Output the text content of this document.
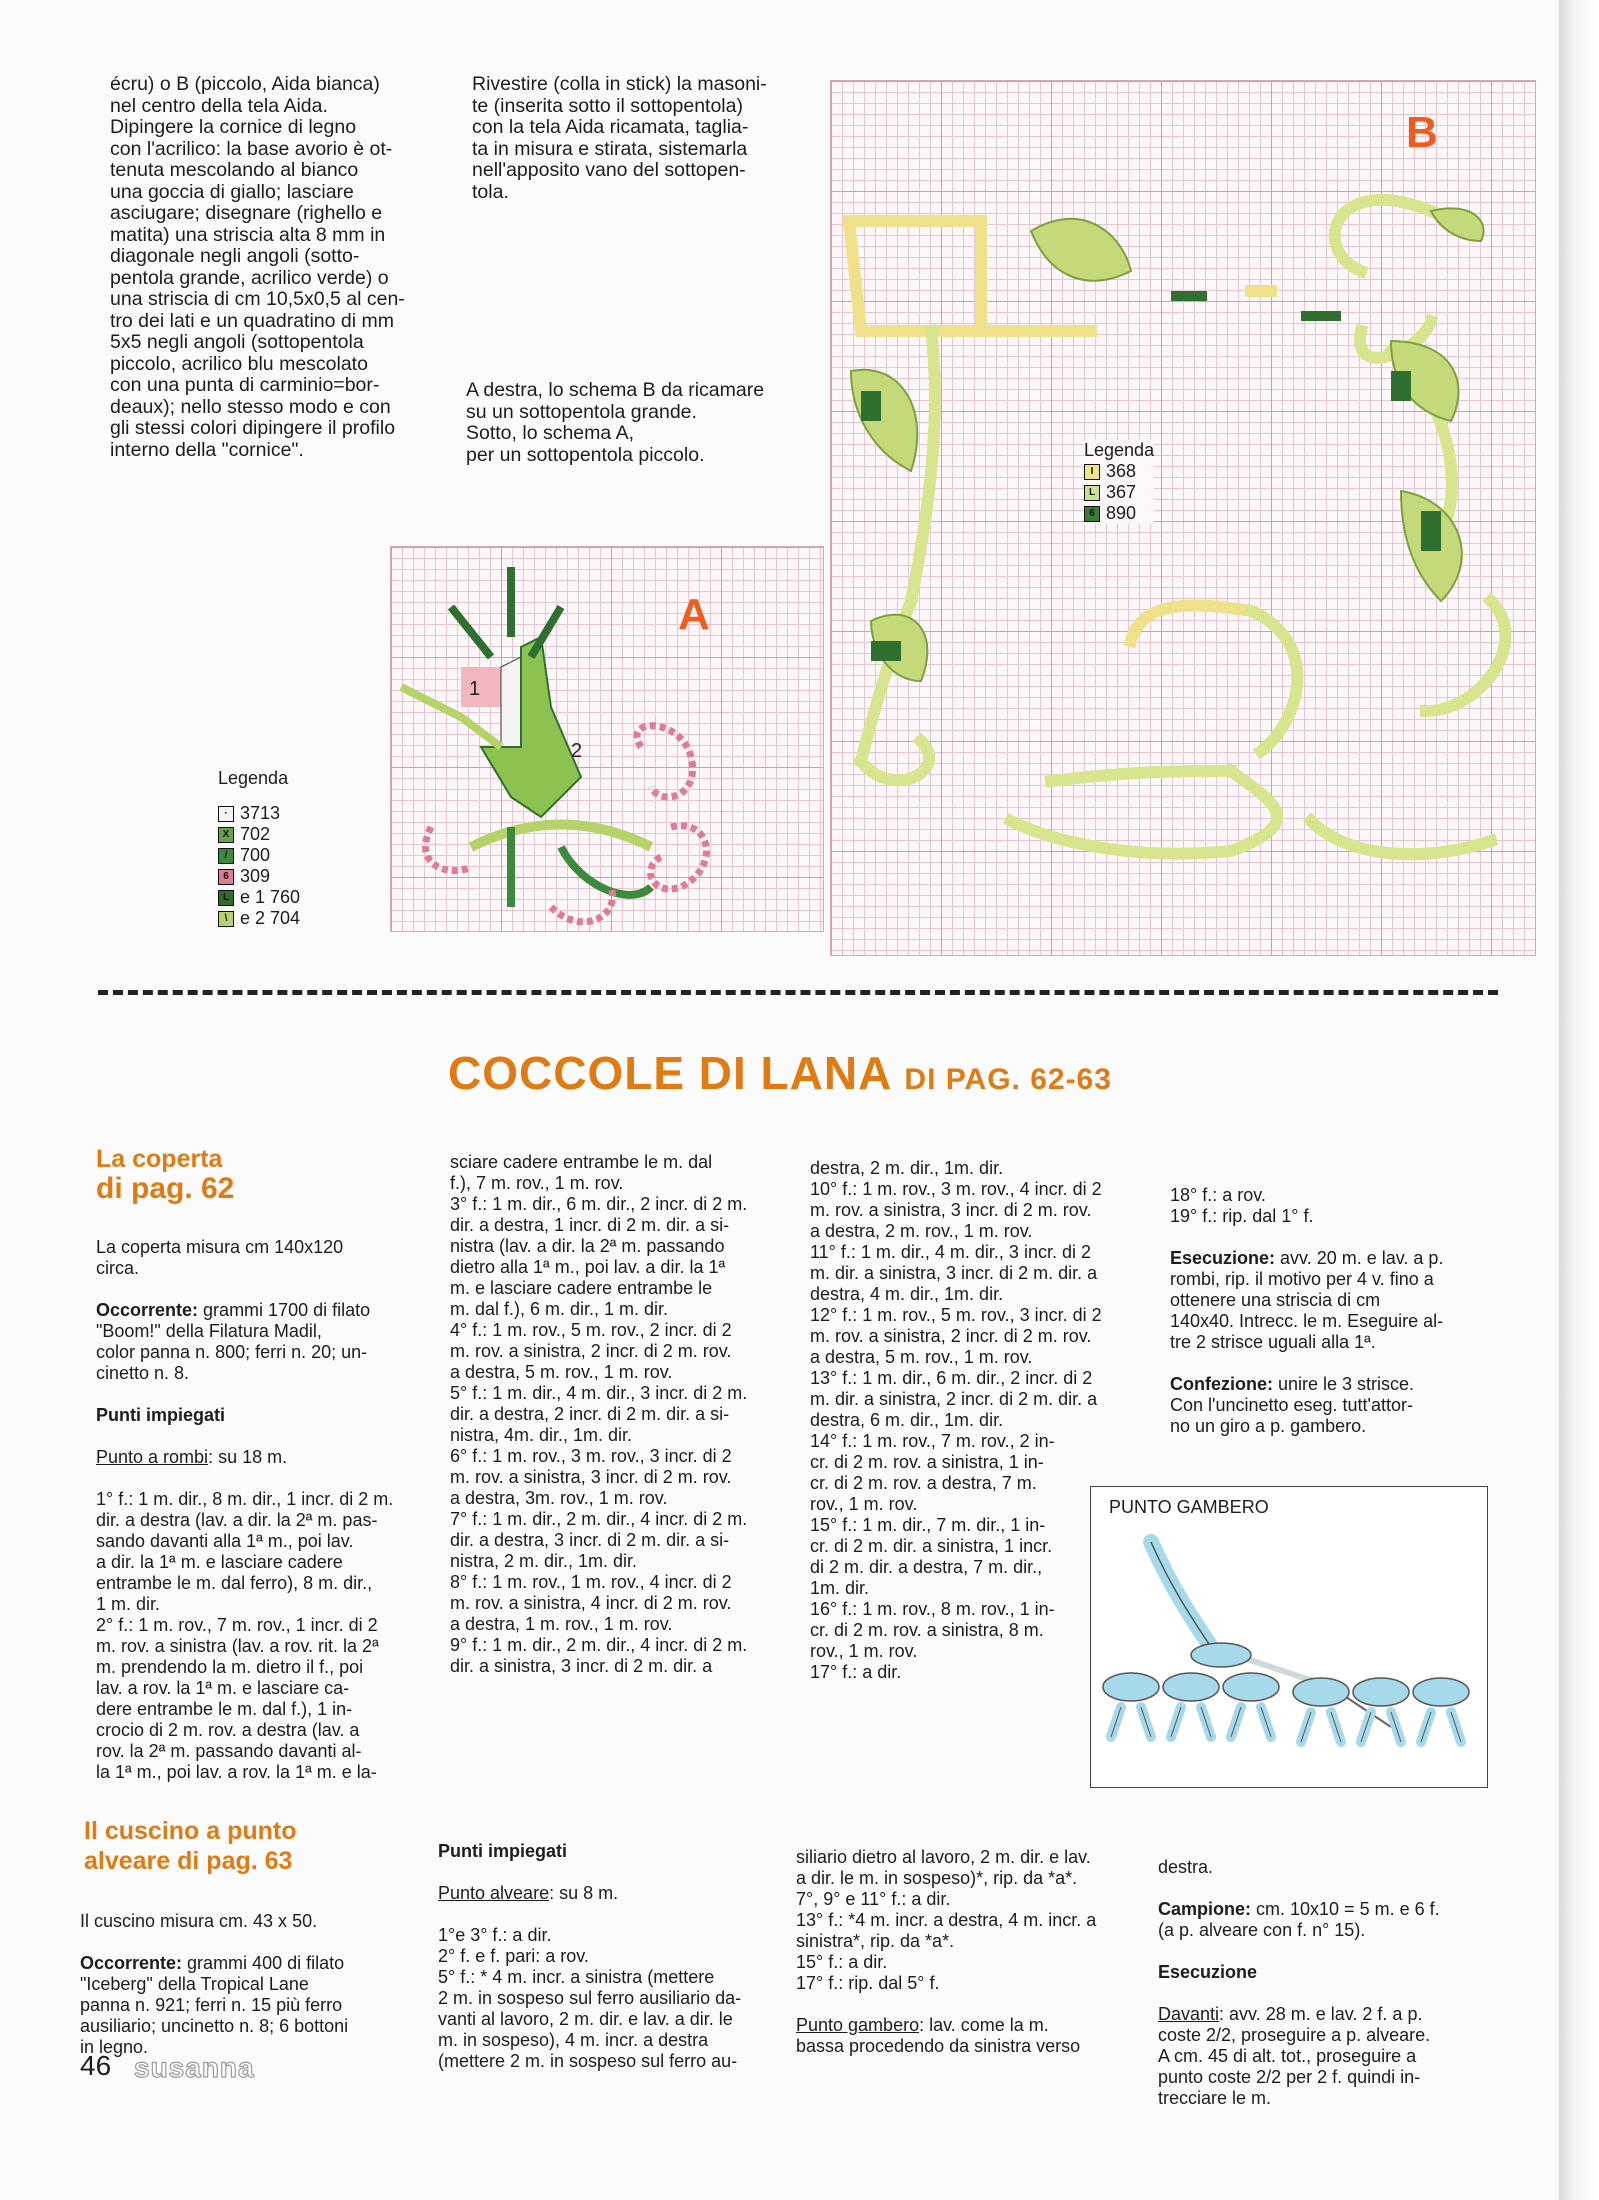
écru) o B (piccolo, Aida bianca)
nel centro della tela Aida.
Dipingere la cornice di legno
con l'acrilico: la base avorio è ot-
tenuta mescolando al bianco
una goccia di giallo; lasciare
asciugare; disegnare (righello e
matita) una striscia alta 8 mm in
diagonale negli angoli (sotto-
pentola grande, acrilico verde) o
una striscia di cm 10,5x0,5 al cen-
tro dei lati e un quadratino di mm
5x5 negli angoli (sottopentola
piccolo, acrilico blu mescolato
con una punta di carminio=bor-
deaux); nello stesso modo e con
gli stessi colori dipingere il profilo
interno della "cornice".
Rivestire (colla in stick) la masoni-
te (inserita sotto il sottopentola)
con la tela Aida ricamata, taglia-
ta in misura e stirata, sistemarla
nell'apposito vano del sottopen-
tola.
A destra, lo schema B da ricamare
su un sottopentola grande.
Sotto, lo schema A,
per un sottopentola piccolo.
B
Legenda
I 368
L 367
6 890
1
2
A
Legenda
· 3713
X 702
/ 700
6 309
L e 1 760
\ e 2 704
COCCOLE DI LANA DI PAG. 62-63
La coperta
di pag. 62

La coperta misura cm 140x120
circa.

Occorrente: grammi 1700 di filato
"Boom!" della Filatura Madil,
color panna n. 800; ferri n. 20; un-
cinetto n. 8.

Punti impiegati

Punto a rombi: su 18 m.

1° f.: 1 m. dir., 8 m. dir., 1 incr. di 2 m.
dir. a destra (lav. a dir. la 2ª m. pas-
sando davanti alla 1ª m., poi lav.
a dir. la 1ª m. e lasciare cadere
entrambe le m. dal ferro), 8 m. dir.,
1 m. dir.
2° f.: 1 m. rov., 7 m. rov., 1 incr. di 2
m. rov. a sinistra (lav. a rov. rit. la 2ª
m. prendendo la m. dietro il f., poi
lav. a rov. la 1ª m. e lasciare ca-
dere entrambe le m. dal f.), 1 in-
crocio di 2 m. rov. a destra (lav. a
rov. la 2ª m. passando davanti al-
la 1ª m., poi lav. a rov. la 1ª m. e la-

sciare cadere entrambe le m. dal
f.), 7 m. rov., 1 m. rov.
3° f.: 1 m. dir., 6 m. dir., 2 incr. di 2 m.
dir. a destra, 1 incr. di 2 m. dir. a si-
nistra (lav. a dir. la 2ª m. passando
dietro alla 1ª m., poi lav. a dir. la 1ª
m. e lasciare cadere entrambe le
m. dal f.), 6 m. dir., 1 m. dir.
4° f.: 1 m. rov., 5 m. rov., 2 incr. di 2
m. rov. a sinistra, 2 incr. di 2 m. rov.
a destra, 5 m. rov., 1 m. rov.
5° f.: 1 m. dir., 4 m. dir., 3 incr. di 2 m.
dir. a destra, 2 incr. di 2 m. dir. a si-
nistra, 4m. dir., 1m. dir.
6° f.: 1 m. rov., 3 m. rov., 3 incr. di 2
m. rov. a sinistra, 3 incr. di 2 m. rov.
a destra, 3m. rov., 1 m. rov.
7° f.: 1 m. dir., 2 m. dir., 4 incr. di 2 m.
dir. a destra, 3 incr. di 2 m. dir. a si-
nistra, 2 m. dir., 1m. dir.
8° f.: 1 m. rov., 1 m. rov., 4 incr. di 2
m. rov. a sinistra, 4 incr. di 2 m. rov.
a destra, 1 m. rov., 1 m. rov.
9° f.: 1 m. dir., 2 m. dir., 4 incr. di 2 m.
dir. a sinistra, 3 incr. di 2 m. dir. a
destra, 2 m. dir., 1m. dir.
10° f.: 1 m. rov., 3 m. rov., 4 incr. di 2
m. rov. a sinistra, 3 incr. di 2 m. rov.
a destra, 2 m. rov., 1 m. rov.
11° f.: 1 m. dir., 4 m. dir., 3 incr. di 2
m. dir. a sinistra, 3 incr. di 2 m. dir. a
destra, 4 m. dir., 1m. dir.
12° f.: 1 m. rov., 5 m. rov., 3 incr. di 2
m. rov. a sinistra, 2 incr. di 2 m. rov.
a destra, 5 m. rov., 1 m. rov.
13° f.: 1 m. dir., 6 m. dir., 2 incr. di 2
m. dir. a sinistra, 2 incr. di 2 m. dir. a
destra, 6 m. dir., 1m. dir.
14° f.: 1 m. rov., 7 m. rov., 2 in-
cr. di 2 m. rov. a sinistra, 1 in-
cr. di 2 m. rov. a destra, 7 m.
rov., 1 m. rov.
15° f.: 1 m. dir., 7 m. dir., 1 in-
cr. di 2 m. dir. a sinistra, 1 incr.
di 2 m. dir. a destra, 7 m. dir.,
1m. dir.
16° f.: 1 m. rov., 8 m. rov., 1 in-
cr. di 2 m. rov. a sinistra, 8 m.
rov., 1 m. rov.
17° f.: a dir.

18° f.: a rov.
19° f.: rip. dal 1° f.

Esecuzione: avv. 20 m. e lav. a p.
rombi, rip. il motivo per 4 v. fino a
ottenere una striscia di cm
140x40. Intrecc. le m. Eseguire al-
tre 2 strisce uguali alla 1ª.

Confezione: unire le 3 strisce.
Con l'uncinetto eseg. tutt'attor-
no un giro a p. gambero.

PUNTO GAMBERO
Il cuscino a punto
alveare di pag. 63

Il cuscino misura cm. 43 x 50.

Occorrente: grammi 400 di filato
"Iceberg" della Tropical Lane
panna n. 921; ferri n. 15 più ferro
ausiliario; uncinetto n. 8; 6 bottoni
in legno.

Punti impiegati

Punto alveare: su 8 m.

1°e 3° f.: a dir.
2° f. e f. pari: a rov.
5° f.: * 4 m. incr. a sinistra (mettere
2 m. in sospeso sul ferro ausiliario da-
vanti al lavoro, 2 m. dir. e lav. a dir. le
m. in sospeso), 4 m. incr. a destra
(mettere 2 m. in sospeso sul ferro au-

siliario dietro al lavoro, 2 m. dir. e lav.
a dir. le m. in sospeso)*, rip. da *a*.
7°, 9° e 11° f.: a dir.
13° f.: *4 m. incr. a destra, 4 m. incr. a
sinistra*, rip. da *a*.
15° f.: a dir.
17° f.: rip. dal 5° f.

Punto gambero: lav. come la m.
bassa procedendo da sinistra verso

destra.

Campione: cm. 10x10 = 5 m. e 6 f.
(a p. alveare con f. n° 15).

Esecuzione

Davanti: avv. 28 m. e lav. 2 f. a p.
coste 2/2, proseguire a p. alveare.
A cm. 45 di alt. tot., proseguire a
punto coste 2/2 per 2 f. quindi in-
trecciare le m.

46 susanna
